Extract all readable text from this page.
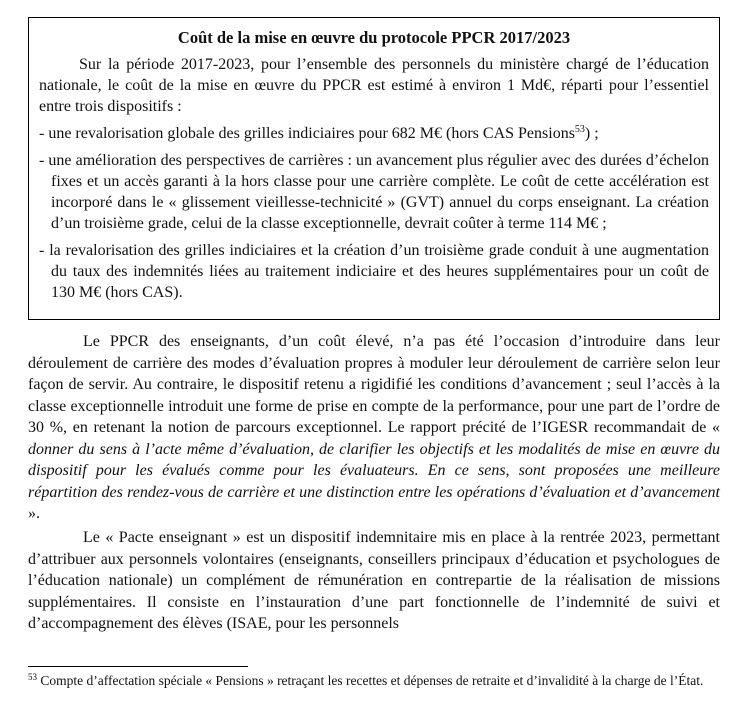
Coût de la mise en œuvre du protocole PPCR 2017/2023

Sur la période 2017-2023, pour l’ensemble des personnels du ministère chargé de l’éducation nationale, le coût de la mise en œuvre du PPCR est estimé à environ 1 Md€, réparti pour l’essentiel entre trois dispositifs :

- une revalorisation globale des grilles indiciaires pour 682 M€ (hors CAS Pensions$^{53}$) ;

- une amélioration des perspectives de carrières : un avancement plus régulier avec des durées d’échelon fixes et un accès garanti à la hors classe pour une carrière complète. Le coût de cette accélération est incorporé dans le « glissement vieillesse-technicité » (GVT) annuel du corps enseignant. La création d’un troisième grade, celui de la classe exceptionnelle, devrait coûter à terme 114 M€ ;

- la revalorisation des grilles indiciaires et la création d’un troisième grade conduit à une augmentation du taux des indemnités liées au traitement indiciaire et des heures supplémentaires pour un coût de 130 M€ (hors CAS).

Le PPCR des enseignants, d’un coût élevé, n’a pas été l’occasion d’introduire dans leur déroulement de carrière des modes d’évaluation propres à moduler leur déroulement de carrière selon leur façon de servir. Au contraire, le dispositif retenu a rigidifié les conditions d’avancement ; seul l’accès à la classe exceptionnelle introduit une forme de prise en compte de la performance, pour une part de l’ordre de 30 %, en retenant la notion de parcours exceptionnel. Le rapport précité de l’IGESR recommandait de « donner du sens à l’acte même d’évaluation, de clarifier les objectifs et les modalités de mise en œuvre du dispositif pour les évalués comme pour les évaluateurs. En ce sens, sont proposées une meilleure répartition des rendez-vous de carrière et une distinction entre les opérations d’évaluation et d’avancement ».

Le « Pacte enseignant » est un dispositif indemnitaire mis en place à la rentrée 2023, permettant d’attribuer aux personnels volontaires (enseignants, conseillers principaux d’éducation et psychologues de l’éducation nationale) un complément de rémunération en contrepartie de la réalisation de missions supplémentaires. Il consiste en l’instauration d’une part fonctionnelle de l’indemnité de suivi et d’accompagnement des élèves (ISAE, pour les personnels

$^{53}$ Compte d’affectation spéciale « Pensions » retraçant les recettes et dépenses de retraite et d’invalidité à la charge de l’État.
